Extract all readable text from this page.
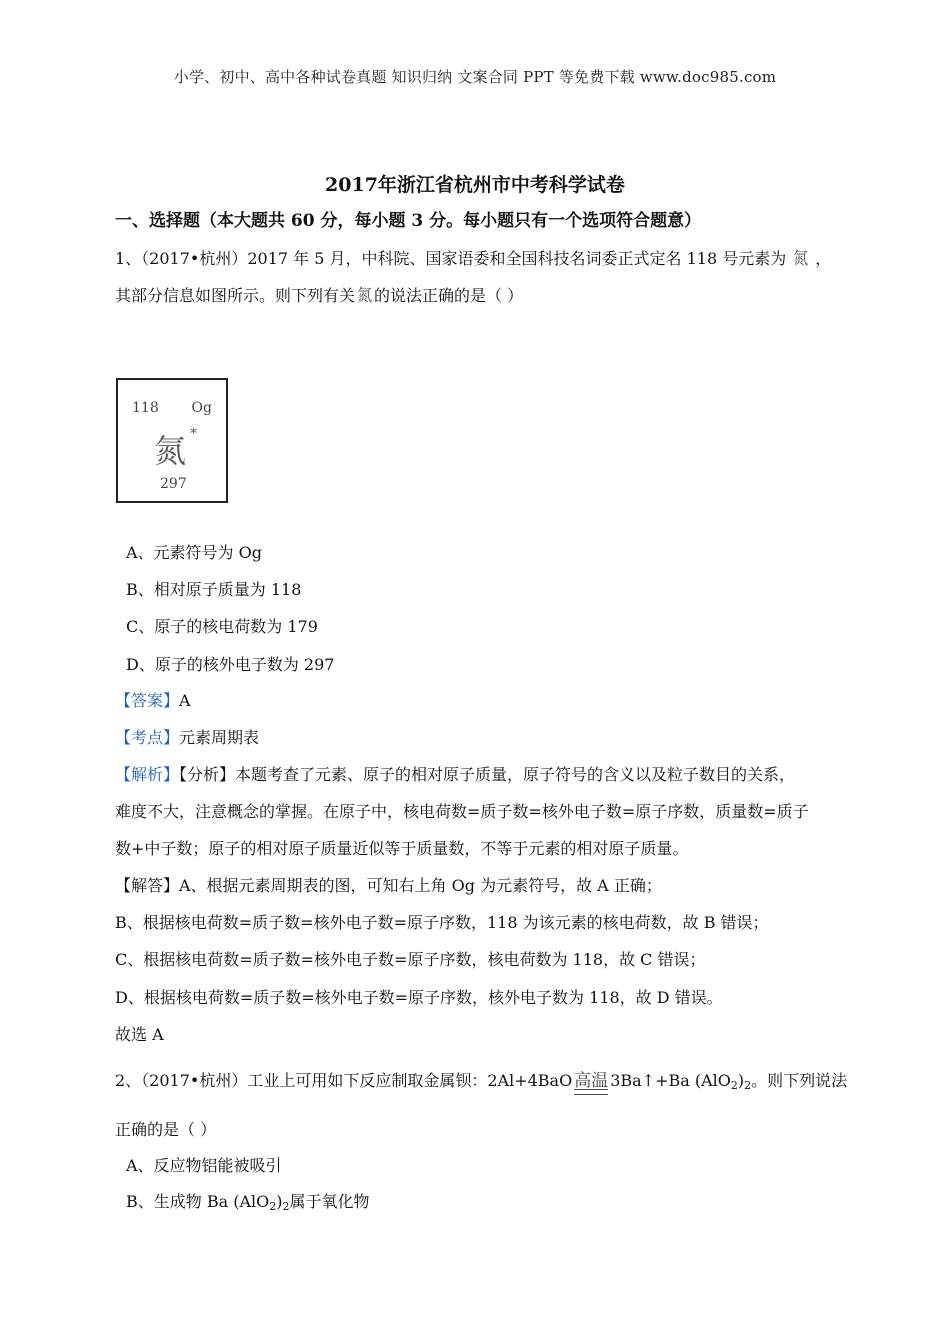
小学、初中、高中各种试卷真题 知识归纳 文案合同 PPT 等免费下载 www.doc985.com
2017年浙江省杭州市中考科学试卷
一、选择题（本大题共 60 分，每小题 3 分。每小题只有一个选项符合题意）
1、（2017•杭州）2017 年 5 月，中科院、国家语委和全国科技名词委正式定名 118 号元素为 氮 ，
其部分信息如图所示。则下列有关 氮 的说法正确的是（ ）
118 Og
氮 *
297
A、元素符号为 Og
B、相对原子质量为 118
C、原子的核电荷数为 179
D、原子的核外电子数为 297
【答案】A
【考点】元素周期表
【解析】【分析】本题考查了元素、原子的相对原子质量，原子符号的含义以及粒子数目的关系，
难度不大，注意概念的掌握。在原子中，核电荷数=质子数=核外电子数=原子序数，质量数=质子
数+中子数；原子的相对原子质量近似等于质量数，不等于元素的相对原子质量。
【解答】A、根据元素周期表的图，可知右上角 Og 为元素符号，故 A 正确；
B、根据核电荷数=质子数=核外电子数=原子序数，118 为该元素的核电荷数，故 B 错误；
C、根据核电荷数=质子数=核外电子数=原子序数，核电荷数为 118，故 C 错误；
D、根据核电荷数=质子数=核外电子数=原子序数，核外电子数为 118，故 D 错误。
故选 A
2、（2017•杭州）工业上可用如下反应制取金属钡：2Al+4BaO 高温 3Ba↑+Ba $(AlO_2)_2$。则下列说法
正确的是（ ）
A、反应物铝能被吸引
B、生成物 Ba $(AlO_2)_2$属于氧化物
